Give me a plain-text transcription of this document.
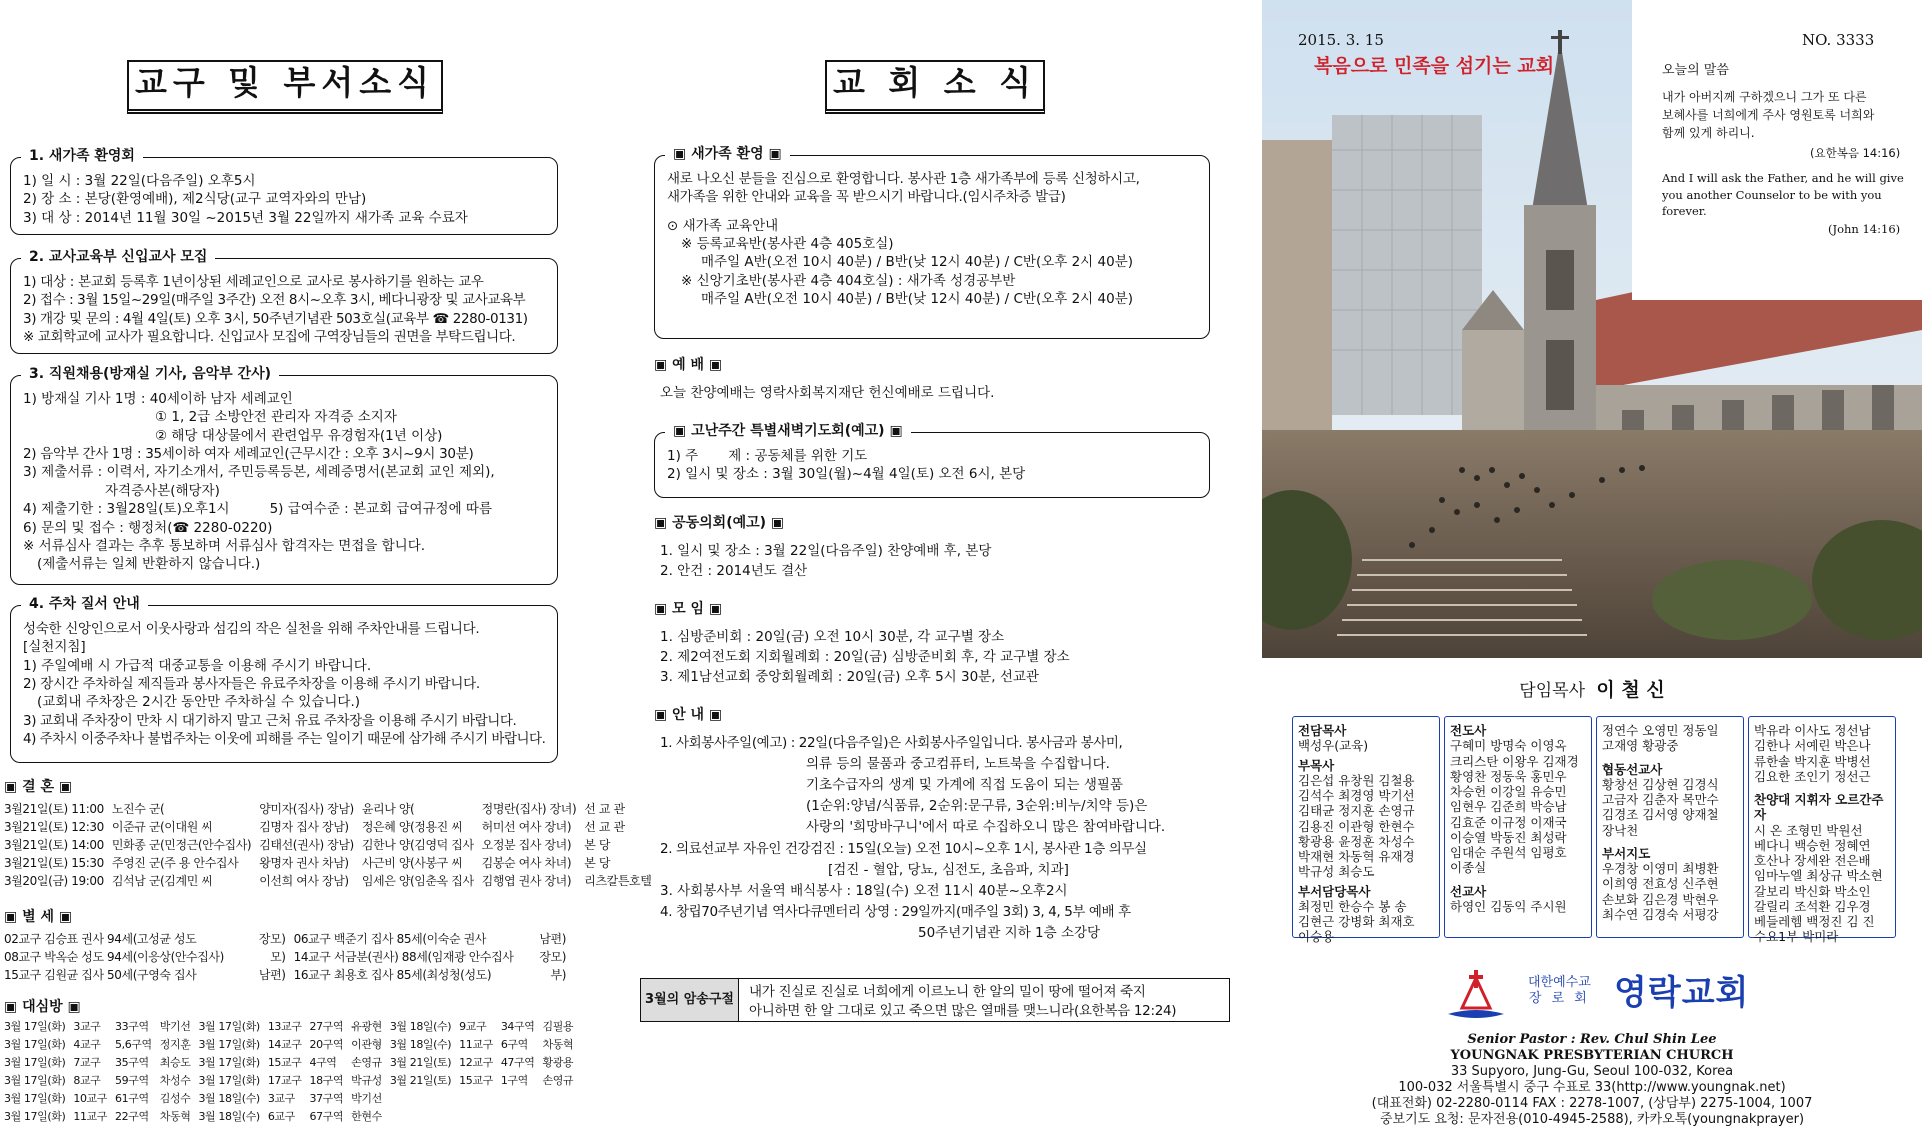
교구 및 부서소식
1. 새가족 환영회
1) 일 시 : 3월 22일(다음주일) 오후5시
2) 장 소 : 본당(환영예배), 제2식당(교구 교역자와의 만남)
3) 대 상 : 2014년 11월 30일 ~2015년 3월 22일까지 새가족 교육 수료자
2. 교사교육부 신입교사 모집
1) 대상 : 본교회 등록후 1년이상된 세례교인으로 교사로 봉사하기를 원하는 교우
2) 접수 : 3월 15일~29일(매주일 3주간) 오전 8시~오후 3시, 베다니광장 및 교사교육부
3) 개강 및 문의 : 4월 4일(토) 오후 3시, 50주년기념관 503호실(교육부 ☎ 2280-0131)
※ 교회학교에 교사가 필요합니다. 신입교사 모집에 구역장님들의 권면을 부탁드립니다.
3. 직원채용(방재실 기사, 음악부 간사)
1) 방재실 기사 1명 : 40세이하 남자 세례교인
① 1, 2급 소방안전 관리자 자격증 소지자
② 해당 대상물에서 관련업무 유경험자(1년 이상)
2) 음악부 간사 1명 : 35세이하 여자 세례교인(근무시간 : 오후 3시~9시 30분)
3) 제출서류 : 이력서, 자기소개서, 주민등록등본, 세례증명서(본교회 교인 제외),
자격증사본(해당자)
4) 제출기한 : 3월28일(토)오후1시	5) 급여수준 : 본교회 급여규정에 따름
6) 문의 및 접수 : 행정처(☎ 2280-0220)
※ 서류심사 결과는 추후 통보하며 서류심사 합격자는 면접을 합니다.
(제출서류는 일체 반환하지 않습니다.)
4. 주차 질서 안내
성숙한 신앙인으로서 이웃사랑과 섬김의 작은 실천을 위해 주차안내를 드립니다.
[실천지침]
1) 주일예배 시 가급적 대중교통을 이용해 주시기 바랍니다.
2) 장시간 주차하실 제직들과 봉사자들은 유료주차장을 이용해 주시기 바랍니다.
(교회내 주차장은 2시간 동안만 주차하실 수 있습니다.)
3) 교회내 주차장이 만차 시 대기하지 말고 근처 유료 주차장을 이용해 주시기 바랍니다.
4) 주차시 이중주차나 불법주차는 이웃에 피해를 주는 일이기 때문에 삼가해 주시기 바랍니다.
▣ 결 혼 ▣
3월21일(토) 11:00	노진수 군(	양미자(집사) 장남)	윤리나 양(	정명란(집사) 장녀)	선 교 관
3월21일(토) 12:30	이준규 군(이대원 씨	김명자 집사 장남)	정은혜 양(정용진 씨	허미선 여사 장녀)	선 교 관
3월21일(토) 14:00	민화종 군(민정근(안수집사)	김태선(권사) 장남)	김한나 양(김영덕 집사	오정분 집사 장녀)	본 당
3월21일(토) 15:30	주영진 군(주 용 안수집사	왕명자 권사 차남)	사근비 양(사봉구 씨	김봉순 여사 차녀)	본 당
3월20일(금) 19:00	김석남 군(김계민 씨	이선희 여사 장남)	임세은 양(임춘옥 집사	김행엽 권사 장녀)	리츠칼튼호텔
▣ 별 세 ▣
02교구 김승표 권사 94세(고성균 성도	장모)	06교구 백준기 집사 85세(이숙순 권사	남편)
08교구 박옥순 성도 94세(이응상(안수집사)	모)	14교구 서금분(권사) 88세(임재광 안수집사	장모)
15교구 김원균 집사 50세(구영숙 집사	남편)	16교구 최용호 집사 85세(최성청(성도)	부)
▣ 대심방 ▣
3월 17일(화)	3교구	33구역	박기선	3월 17일(화)	13교구	27구역	유광현	3월 18일(수)	9교구	34구역	김필용
3월 17일(화)	4교구	5,6구역	정지훈	3월 17일(화)	14교구	20구역	이관형	3월 18일(수)	11교구	6구역	차동혁
3월 17일(화)	7교구	35구역	최승도	3월 17일(화)	15교구	4구역	손영규	3월 21일(토)	12교구	47구역	황광용
3월 17일(화)	8교구	59구역	차성수	3월 17일(화)	17교구	18구역	박규성	3월 21일(토)	15교구	1구역	손영규
3월 17일(화)	10교구	61구역	김성수	3월 18일(수)	3교구	37구역	박기선				
3월 17일(화)	11교구	22구역	차동혁	3월 18일(수)	6교구	67구역	한현수				
교 회 소 식
▣ 새가족 환영 ▣
새로 나오신 분들을 진심으로 환영합니다. 봉사관 1층 새가족부에 등록 신청하시고,
새가족을 위한 안내와 교육을 꼭 받으시기 바랍니다.(임시주차증 발급)
⊙ 새가족 교육안내
※ 등록교육반(봉사관 4층 405호실)
매주일 A반(오전 10시 40분) / B반(낮 12시 40분) / C반(오후 2시 40분)
※ 신앙기초반(봉사관 4층 404호실) : 새가족 성경공부반
매주일 A반(오전 10시 40분) / B반(낮 12시 40분) / C반(오후 2시 40분)
▣ 예 배 ▣
오늘 찬양예배는 영락사회복지재단 헌신예배로 드립니다.
▣ 고난주간 특별새벽기도회(예고) ▣
1) 주       제 : 공동체를 위한 기도
2) 일시 및 장소 : 3월 30일(월)~4월 4일(토) 오전 6시, 본당
▣ 공동의회(예고) ▣
1. 일시 및 장소 : 3월 22일(다음주일) 찬양예배 후, 본당
2. 안건 : 2014년도 결산
▣ 모 임 ▣
1. 심방준비회 : 20일(금) 오전 10시 30분, 각 교구별 장소
2. 제2여전도회 지회월례회 : 20일(금) 심방준비회 후, 각 교구별 장소
3. 제1남선교회 중앙회월례회 : 20일(금) 오후 5시 30분, 선교관
▣ 안 내 ▣
1. 사회봉사주일(예고) : 22일(다음주일)은 사회봉사주일입니다. 봉사금과 봉사미,
의류 등의 물품과 중고컴퓨터, 노트북을 수집합니다.
기초수급자의 생계 및 가계에 직접 도움이 되는 생필품
(1순위:양념/식품류, 2순위:문구류, 3순위:비누/치약 등)은
사랑의 '희망바구니'에서 따로 수집하오니 많은 참여바랍니다.
2. 의료선교부 자유인 건강검진 : 15일(오늘) 오전 10시~오후 1시, 봉사관 1층 의무실
[검진 - 혈압, 당뇨, 심전도, 초음파, 치과]
3. 사회봉사부 서울역 배식봉사 : 18일(수) 오전 11시 40분~오후2시
4. 창립70주년기념 역사다큐멘터리 상영 : 29일까지(매주일 3회) 3, 4, 5부 예배 후
50주년기념관 지하 1층 소강당
3월의 암송구절	내가 진실로 진실로 너희에게 이르노니 한 알의 밀이 땅에 떨어져 죽지
아니하면 한 알 그대로 있고 죽으면 많은 열매를 맺느니라(요한복음 12:24)
2015. 3. 15	NO. 3333
복음으로 민족을 섬기는 교회	오늘의 말씀
내가 아버지께 구하겠으니 그가 또 다른
보혜사를 너희에게 주사 영원토록 너희와
함께 있게 하리니.
(요한복음 14:16)
And I will ask the Father, and he will give
you another Counselor to be with you
forever.
(John 14:16)
담임목사 이 철 신
전담목사
백성우(교육)
부목사
김은섭 유창원 김철용
김석수 최경영 박기선
김태균 정지훈 손영규
김용진 이관형 한현수
황광용 윤정훈 차성수
박재현 차동혁 유재경
박규성 최승도
부서담당목사
최정민 한승수 봉 송
김현근 강병화 최재호
이승용
전도사
구혜미 방명숙 이영옥
크리스탄 이왕우 김재경
황영찬 정동욱 홍민우
차승헌 이강일 유승민
임현우 김준희 박승남
김효준 이규정 이재국
이승열 박동진 최성락
임대순 주원석 임평호
이종실
선교사
하영인 김동익 주시원
정연수 오영민 정동일
고재영 황광중
협동선교사
황창선 김상현 김경식
고금자 김춘자 목만수
김경조 김서영 양재철
장낙천
부서지도
우경창 이영미 최병환
이희영 전효성 신주현
손보화 김은경 박현우
최수연 김경숙 서평강
박유라 이사도 정선남
김한나 서예린 박은나
류한솔 박지훈 박병선
김요한 조인기 정선근
찬양대 지휘자 오르간주자
시 온 조형민 박원선
베다니 백승헌 정혜연
호산나 장세완 전은배
임마누엘 최상규 박소현
갈보리 박신화 박소인
갈릴리 조석환 김우경
베들레헴 백정진 김 진
수요1부 박미라
대한예수교
장 로 회 영락교회
Senior Pastor : Rev. Chul Shin Lee
YOUNGNAK PRESBYTERIAN CHURCH
33 Supyoro, Jung-Gu, Seoul 100-032, Korea
100-032 서울특별시 중구 수표로 33(http://www.youngnak.net)
(대표전화) 02-2280-0114 FAX : 2278-1007, (상담부) 2275-1004, 1007
중보기도 요청: 문자전용(010-4945-2588), 카카오톡(youngnakprayer)
